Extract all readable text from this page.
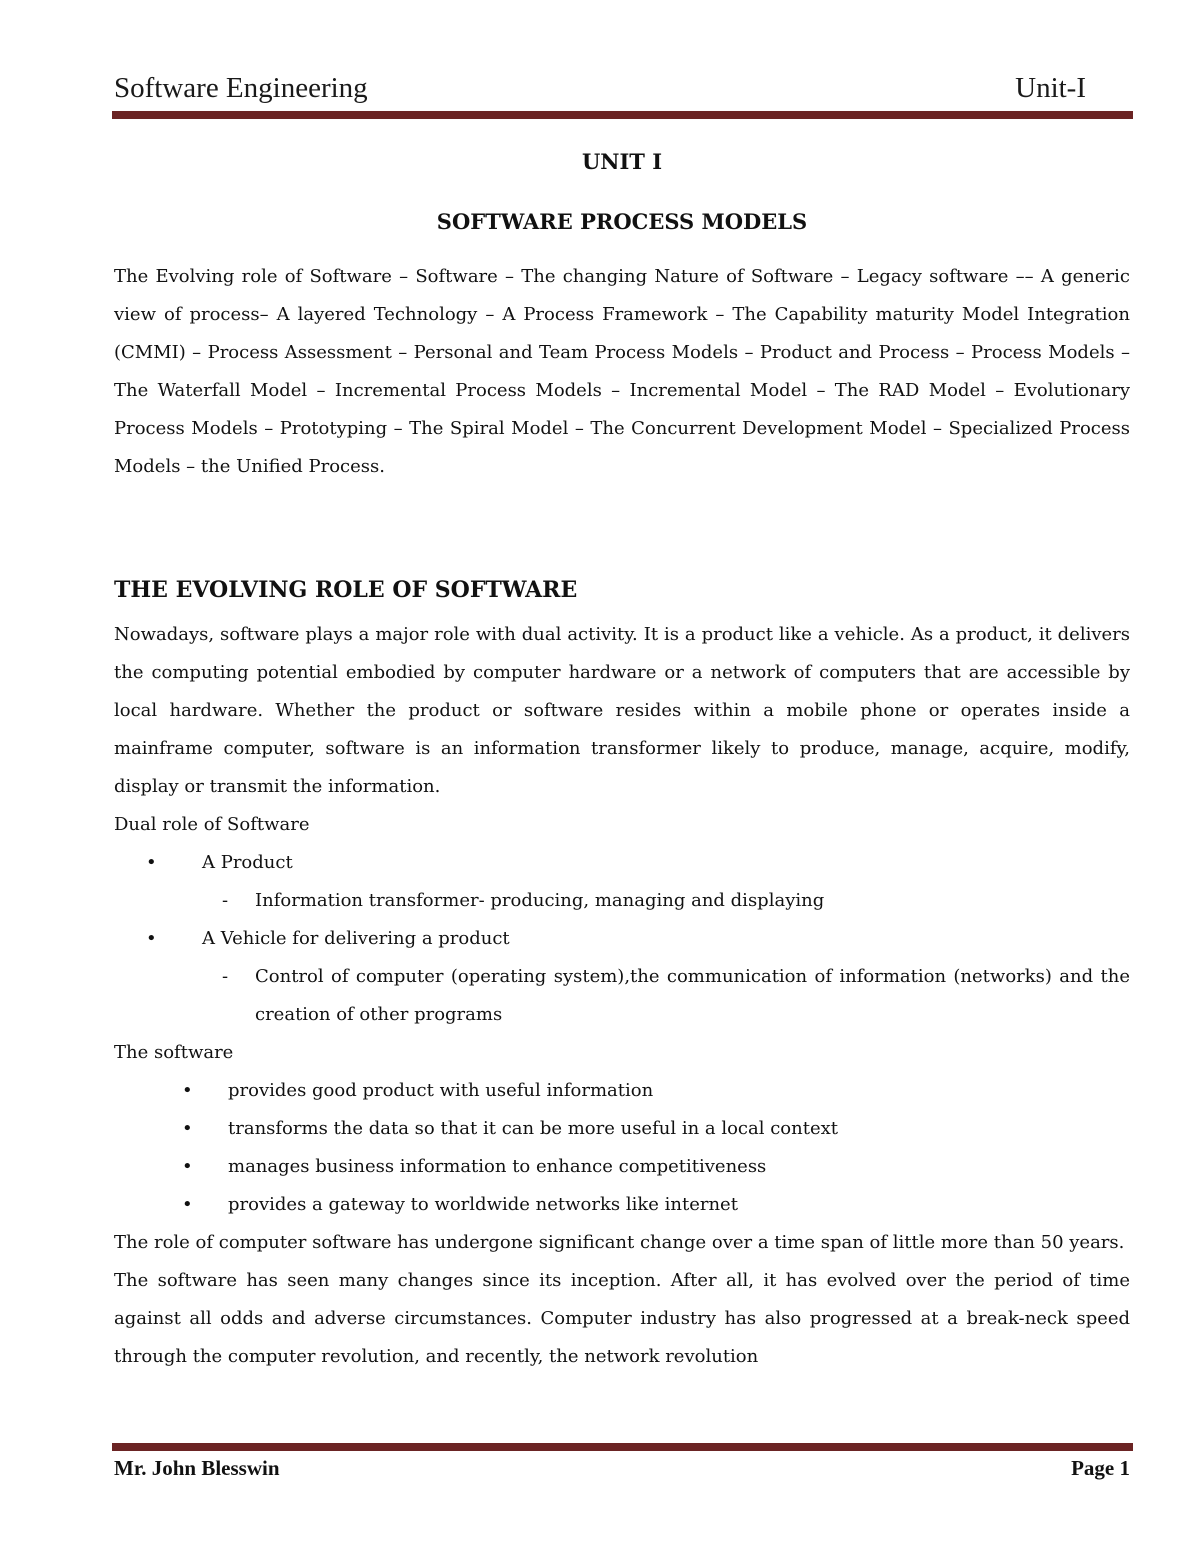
Software Engineering	Unit-I
UNIT I
SOFTWARE PROCESS MODELS

The Evolving role of Software – Software – The changing Nature of Software – Legacy software –– A generic view of process– A layered Technology – A Process Framework – The Capability maturity Model Integration (CMMI) – Process Assessment – Personal and Team Process Models – Product and Process – Process Models – The Waterfall Model – Incremental Process Models – Incremental Model – The RAD Model – Evolutionary Process Models – Prototyping – The Spiral Model – The Concurrent Development Model – Specialized Process Models – the Unified Process.

THE EVOLVING ROLE OF SOFTWARE

Nowadays, software plays a major role with dual activity. It is a product like a vehicle. As a product, it delivers the computing potential embodied by computer hardware or a network of computers that are accessible by local hardware. Whether the product or software resides within a mobile phone or operates inside a mainframe computer, software is an information transformer likely to produce, manage, acquire, modify, display or transmit the information.

Dual role of Software
•	A Product
- Information transformer- producing, managing and displaying
•	A Vehicle for delivering a product
- Control of computer (operating system),the communication of information (networks) and the creation of other programs
The software
• provides good product with useful information
• transforms the data so that it can be more useful in a local context
• manages business information to enhance competitiveness
• provides a gateway to worldwide networks like internet

The role of computer software has undergone significant change over a time span of little more than 50 years.

The software has seen many changes since its inception. After all, it has evolved over the period of time against all odds and adverse circumstances. Computer industry has also progressed at a break-neck speed through the computer revolution, and recently, the network revolution

Mr. John Blesswin	Page 1
